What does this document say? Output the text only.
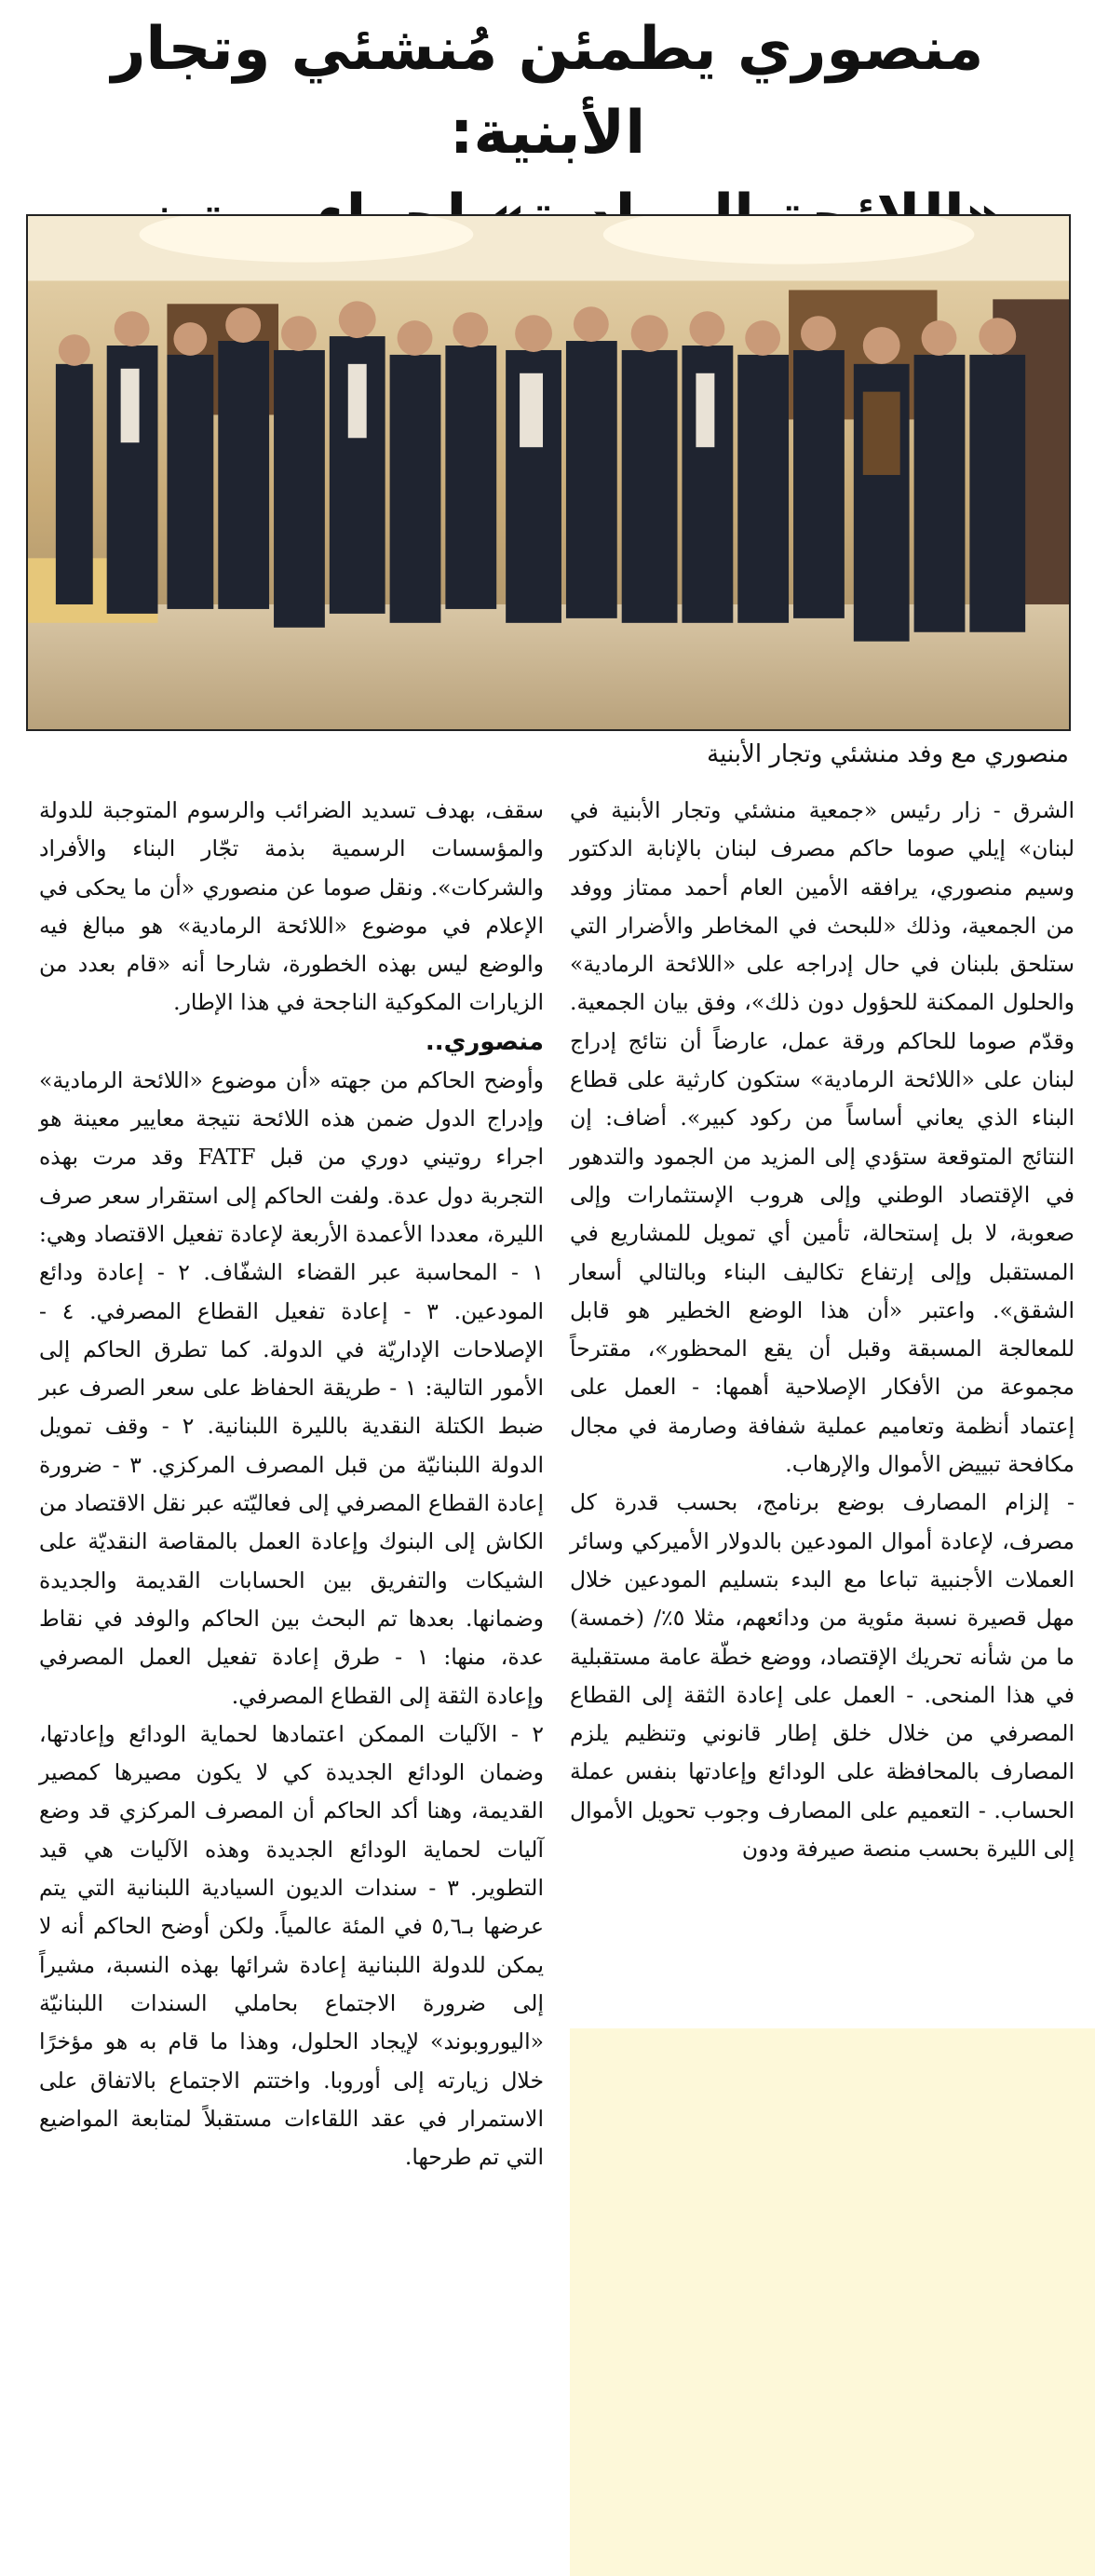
منصوري يطمئن مُنشئي وتجار الأبنية:
منصوري مع وفد منشئي وتجار الأبنية

الشرق - زار رئيس «جمعية منشئي وتجار الأبنية في لبنان» إيلي صوما حاكم مصرف لبنان بالإنابة الدكتور وسيم منصوري، يرافقه الأمين العام أحمد ممتاز ووفد من الجمعية، وذلك «للبحث في المخاطر والأضرار التي ستلحق بلبنان في حال إدراجه على «اللائحة الرمادية» والحلول الممكنة للحؤول دون ذلك»، وفق بيان الجمعية. وقدّم صوما للحاكم ورقة عمل، عارضاً أن نتائج إدراج لبنان على «اللائحة الرمادية» ستكون كارثية على قطاع البناء الذي يعاني أساساً من ركود كبير». أضاف: إن النتائج المتوقعة ستؤدي إلى المزيد من الجمود والتدهور في الإقتصاد الوطني وإلى هروب الإستثمارات وإلى صعوبة، لا بل إستحالة، تأمين أي تمويل للمشاريع في المستقبل وإلى إرتفاع تكاليف البناء وبالتالي أسعار الشقق». واعتبر «أن هذا الوضع الخطير هو قابل للمعالجة المسبقة وقبل أن يقع المحظور»، مقترحاً مجموعة من الأفكار الإصلاحية أهمها: - العمل على إعتماد أنظمة وتعاميم عملية شفافة وصارمة في مجال مكافحة تبييض الأموال والإرهاب.

- إلزام المصارف بوضع برنامج، بحسب قدرة كل مصرف، لإعادة أموال المودعين بالدولار الأميركي وسائر العملات الأجنبية تباعا مع البدء بتسليم المودعين خلال مهل قصيرة نسبة مئوية من ودائعهم، مثلا ٥٪/ (خمسة) ما من شأنه تحريك الإقتصاد، ووضع خطّة عامة مستقبلية في هذا المنحى. - العمل على إعادة الثقة إلى القطاع المصرفي من خلال خلق إطار قانوني وتنظيم يلزم المصارف بالمحافظة على الودائع وإعادتها بنفس عملة الحساب. - التعميم على المصارف وجوب تحويل الأموال إلى الليرة بحسب منصة صيرفة ودون

سقف، بهدف تسديد الضرائب والرسوم المتوجبة للدولة والمؤسسات الرسمية بذمة تجّار البناء والأفراد والشركات». ونقل صوما عن منصوري «أن ما يحكى في الإعلام في موضوع «اللائحة الرمادية» هو مبالغ فيه والوضع ليس بهذه الخطورة، شارحا أنه «قام بعدد من الزيارات المكوكية الناجحة في هذا الإطار.

منصوري..

وأوضح الحاكم من جهته «أن موضوع «اللائحة الرمادية» وإدراج الدول ضمن هذه اللائحة نتيجة معايير معينة هو اجراء روتيني دوري من قبل FATF وقد مرت بهذه التجربة دول عدة. ولفت الحاكم إلى استقرار سعر صرف الليرة، معددا الأعمدة الأربعة لإعادة تفعيل الاقتصاد وهي: ١ - المحاسبة عبر القضاء الشفّاف. ٢ - إعادة ودائع المودعين. ٣ - إعادة تفعيل القطاع المصرفي. ٤ - الإصلاحات الإداريّة في الدولة. كما تطرق الحاكم إلى الأمور التالية: ١ - طريقة الحفاظ على سعر الصرف عبر ضبط الكتلة النقدية بالليرة اللبنانية. ٢ - وقف تمويل الدولة اللبنانيّة من قبل المصرف المركزي. ٣ - ضرورة إعادة القطاع المصرفي إلى فعاليّته عبر نقل الاقتصاد من الكاش إلى البنوك وإعادة العمل بالمقاصة النقديّة على الشيكات والتفريق بين الحسابات القديمة والجديدة وضمانها. بعدها تم البحث بين الحاكم والوفد في نقاط عدة، منها: ١ - طرق إعادة تفعيل العمل المصرفي وإعادة الثقة إلى القطاع المصرفي.

٢ - الآليات الممكن اعتمادها لحماية الودائع وإعادتها، وضمان الودائع الجديدة كي لا يكون مصيرها كمصير القديمة، وهنا أكد الحاكم أن المصرف المركزي قد وضع آليات لحماية الودائع الجديدة وهذه الآليات هي قيد التطوير. ٣ - سندات الديون السيادية اللبنانية التي يتم عرضها بـ٥,٦ في المئة عالمياً. ولكن أوضح الحاكم أنه لا يمكن للدولة اللبنانية إعادة شرائها بهذه النسبة، مشيراً إلى ضرورة الاجتماع بحاملي السندات اللبنانيّة «اليوروبوند» لإيجاد الحلول، وهذا ما قام به هو مؤخرًا خلال زيارته إلى أوروبا. واختتم الاجتماع بالاتفاق على الاستمرار في عقد اللقاءات مستقبلاً لمتابعة المواضيع التي تم طرحها.
